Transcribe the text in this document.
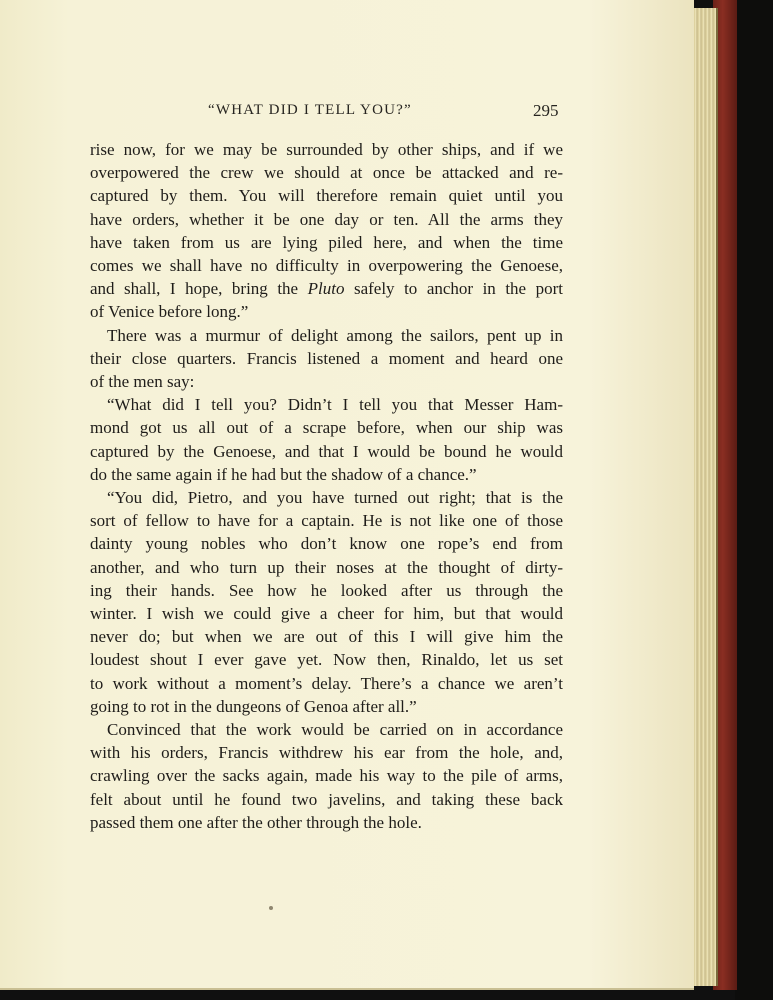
“WHAT DID I TELL YOU?”	295
rise now, for we may be surrounded by other ships, and if we
overpowered the crew we should at once be attacked and re-
captured by them. You will therefore remain quiet until you
have orders, whether it be one day or ten. All the arms they
have taken from us are lying piled here, and when the time
comes we shall have no difficulty in overpowering the Genoese,
and shall, I hope, bring the Pluto safely to anchor in the port
of Venice before long.”
There was a murmur of delight among the sailors, pent up in
their close quarters. Francis listened a moment and heard one
of the men say:
“What did I tell you? Didn’t I tell you that Messer Ham-
mond got us all out of a scrape before, when our ship was
captured by the Genoese, and that I would be bound he would
do the same again if he had but the shadow of a chance.”
“You did, Pietro, and you have turned out right; that is the
sort of fellow to have for a captain. He is not like one of those
dainty young nobles who don’t know one rope’s end from
another, and who turn up their noses at the thought of dirty-
ing their hands. See how he looked after us through the
winter. I wish we could give a cheer for him, but that would
never do; but when we are out of this I will give him the
loudest shout I ever gave yet. Now then, Rinaldo, let us set
to work without a moment’s delay. There’s a chance we aren’t
going to rot in the dungeons of Genoa after all.”
Convinced that the work would be carried on in accordance
with his orders, Francis withdrew his ear from the hole, and,
crawling over the sacks again, made his way to the pile of arms,
felt about until he found two javelins, and taking these back
passed them one after the other through the hole.
